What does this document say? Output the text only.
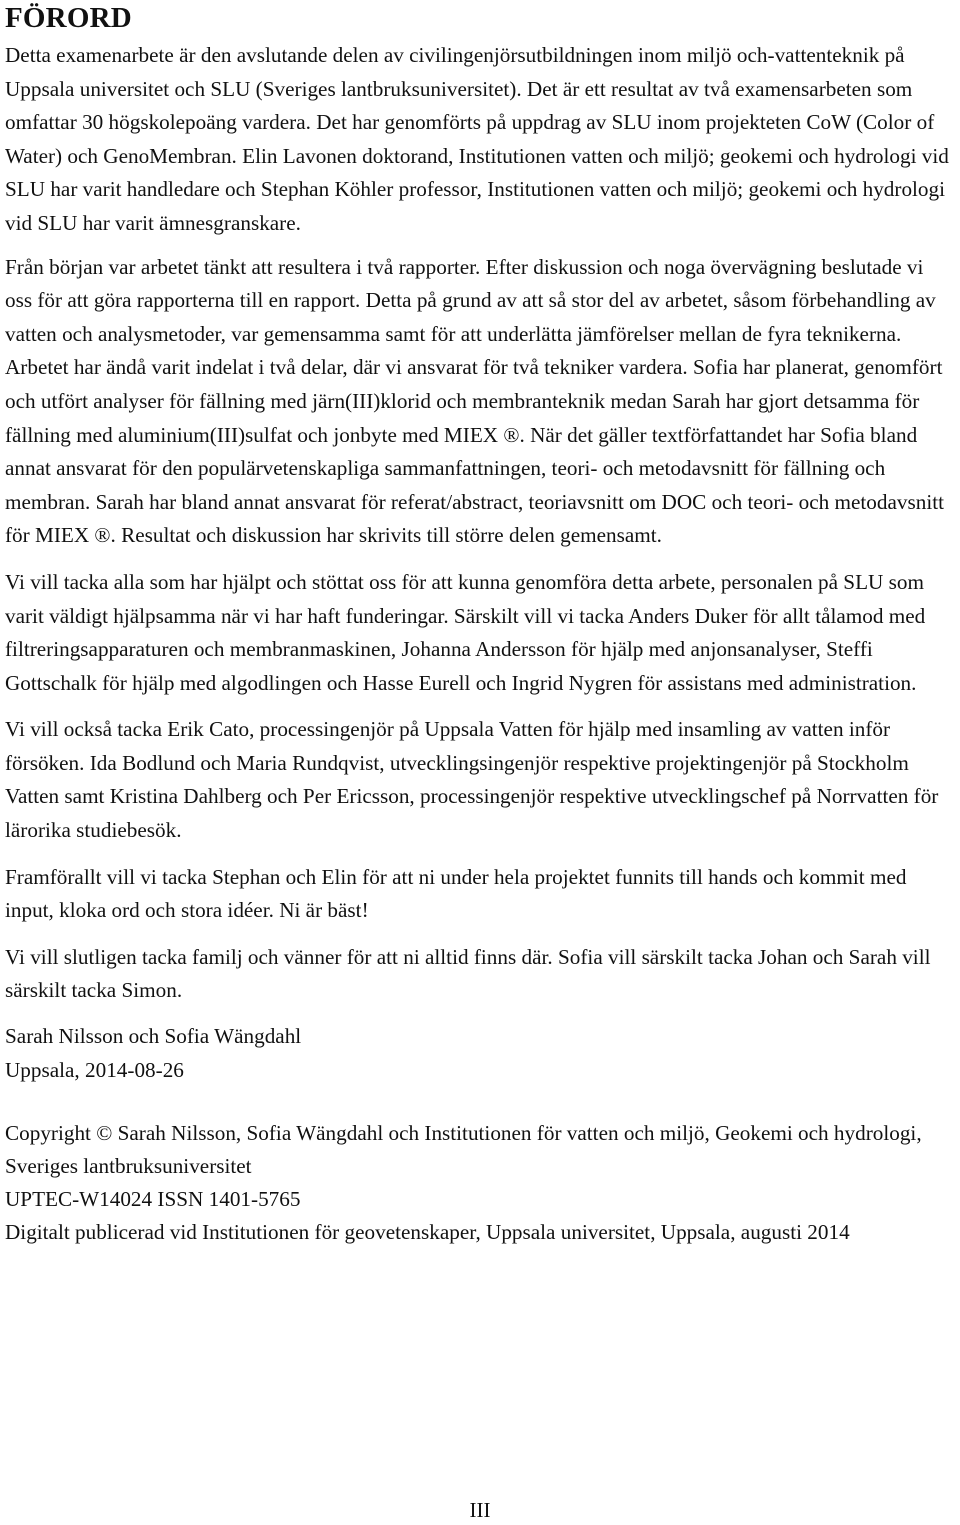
FÖRORD

Detta examenarbete är den avslutande delen av civilingenjörsutbildningen inom miljö och-vattenteknik på Uppsala universitet och SLU (Sveriges lantbruksuniversitet). Det är ett resultat av två examensarbeten som omfattar 30 högskolepoäng vardera. Det har genomförts på uppdrag av SLU inom projekteten CoW (Color of Water) och GenoMembran. Elin Lavonen doktorand, Institutionen vatten och miljö; geokemi och hydrologi vid SLU har varit handledare och Stephan Köhler professor, Institutionen vatten och miljö; geokemi och hydrologi vid SLU har varit ämnesgranskare.

Från början var arbetet tänkt att resultera i två rapporter. Efter diskussion och noga övervägning beslutade vi oss för att göra rapporterna till en rapport. Detta på grund av att så stor del av arbetet, såsom förbehandling av vatten och analysmetoder, var gemensamma samt för att underlätta jämförelser mellan de fyra teknikerna. Arbetet har ändå varit indelat i två delar, där vi ansvarat för två tekniker vardera. Sofia har planerat, genomfört och utfört analyser för fällning med järn(III)klorid och membranteknik medan Sarah har gjort detsamma för fällning med aluminium(III)sulfat och jonbyte med MIEX ®. När det gäller textförfattandet har Sofia bland annat ansvarat för den populärvetenskapliga sammanfattningen, teori- och metodavsnitt för fällning och membran. Sarah har bland annat ansvarat för referat/abstract, teoriavsnitt om DOC och teori- och metodavsnitt för MIEX ®. Resultat och diskussion har skrivits till större delen gemensamt.

Vi vill tacka alla som har hjälpt och stöttat oss för att kunna genomföra detta arbete, personalen på SLU som varit väldigt hjälpsamma när vi har haft funderingar. Särskilt vill vi tacka Anders Duker för allt tålamod med filtreringsapparaturen och membranmaskinen, Johanna Andersson för hjälp med anjonsanalyser, Steffi Gottschalk för hjälp med algodlingen och Hasse Eurell och Ingrid Nygren för assistans med administration.

Vi vill också tacka Erik Cato, processingenjör på Uppsala Vatten för hjälp med insamling av vatten inför försöken. Ida Bodlund och Maria Rundqvist, utvecklingsingenjör respektive projektingenjör på Stockholm Vatten samt Kristina Dahlberg och Per Ericsson, processingenjör respektive utvecklingschef på Norrvatten för lärorika studiebesök.

Framförallt vill vi tacka Stephan och Elin för att ni under hela projektet funnits till hands och kommit med input, kloka ord och stora idéer. Ni är bäst!

Vi vill slutligen tacka familj och vänner för att ni alltid finns där. Sofia vill särskilt tacka Johan och Sarah vill särskilt tacka Simon.

Sarah Nilsson och Sofia Wängdahl

Uppsala, 2014-08-26

Copyright © Sarah Nilsson, Sofia Wängdahl och Institutionen för vatten och miljö, Geokemi och hydrologi, Sveriges lantbruksuniversitet

UPTEC-W14024 ISSN 1401-5765

Digitalt publicerad vid Institutionen för geovetenskaper, Uppsala universitet, Uppsala, augusti 2014

III
